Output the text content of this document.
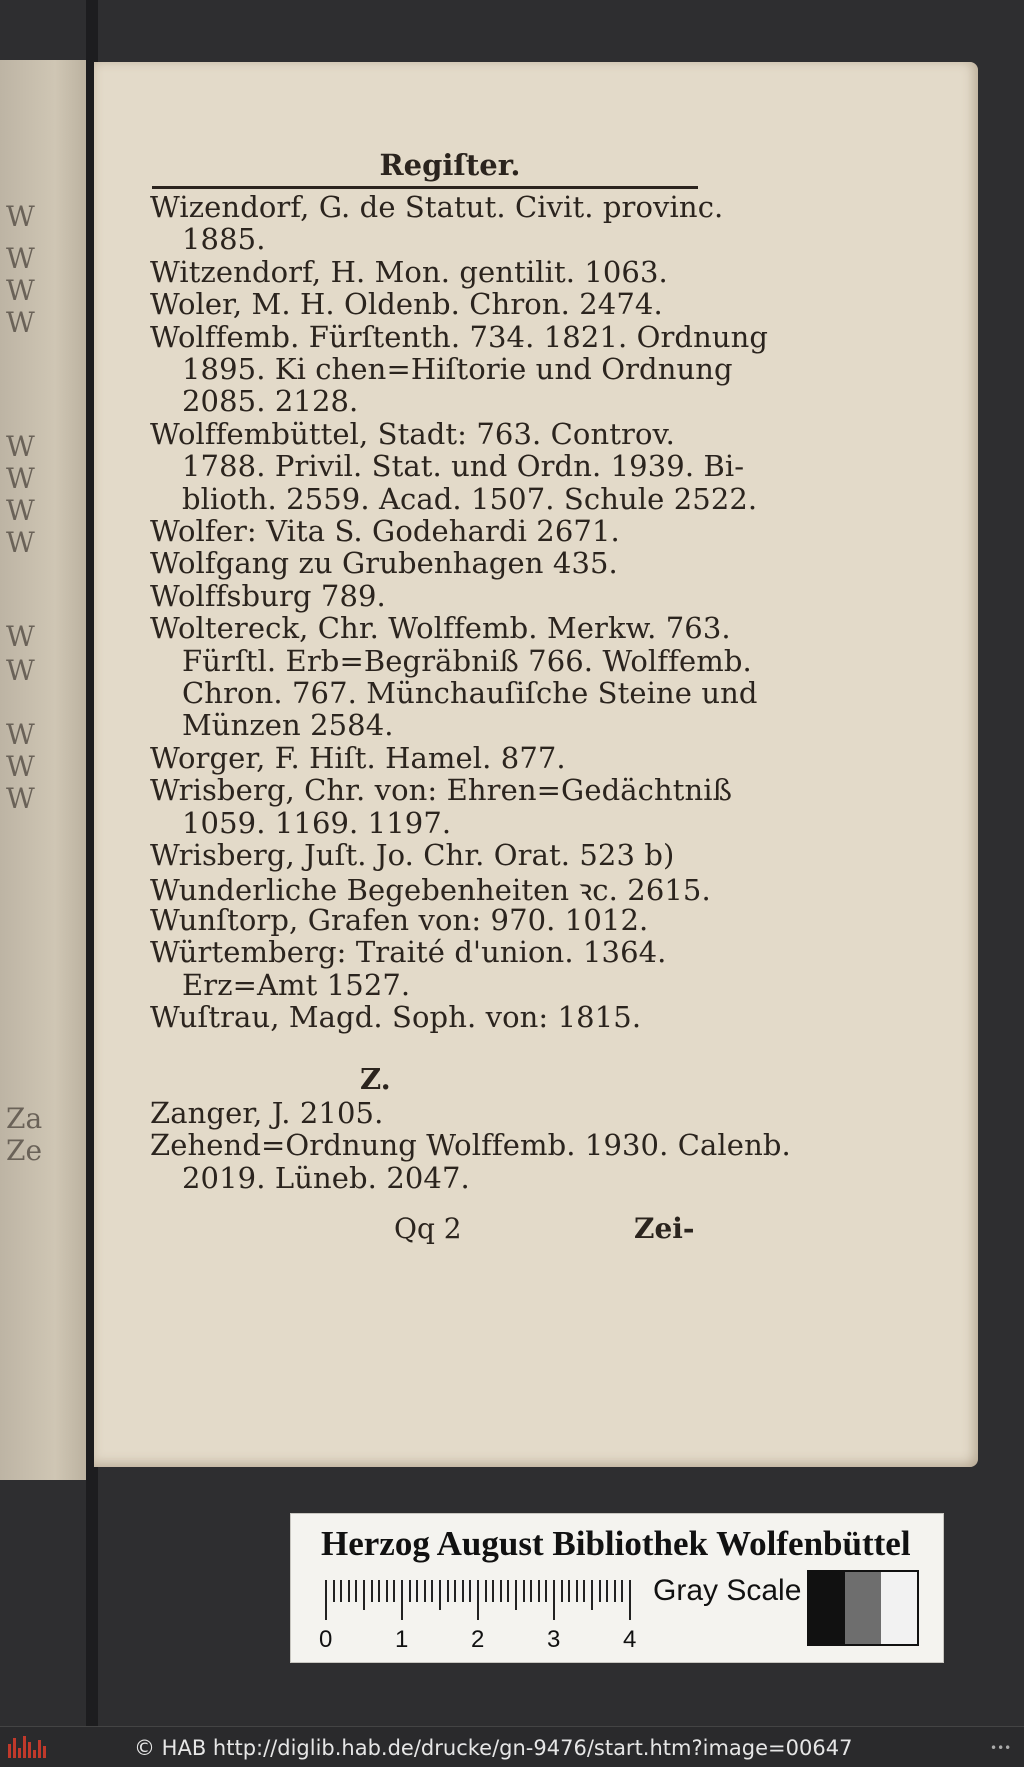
W
W
W
W
W
W
W
W
W
W
W
W
W
Za
Ze
Regiſter.
Wizendorf, G. de Statut. Civit. provinc.
1885.
Witzendorf, H. Mon. gentilit. 1063.
Woler, M. H. Oldenb. Chron. 2474.
Wolffemb. Fürſtenth. 734. 1821. Ordnung
1895. Ki chen=Hiſtorie und Ordnung
2085. 2128.
Wolffembüttel, Stadt: 763. Controv.
1788. Privil. Stat. und Ordn. 1939. Bi-
blioth. 2559. Acad. 1507. Schule 2522.
Wolfer: Vita S. Godehardi 2671.
Wolfgang zu Grubenhagen 435.
Wolffsburg 789.
Woltereck, Chr. Wolffemb. Merkw. 763.
Fürſtl. Erb=Begräbniß 766. Wolffemb.
Chron. 767. Münchauſiſche Steine und
Münzen 2584.
Worger, F. Hiſt. Hamel. 877.
Wrisberg, Chr. von: Ehren=Gedächtniß
1059. 1169. 1197.
Wrisberg, Juſt. Jo. Chr. Orat. 523 b)
Wunderliche Begebenheiten ꝛc. 2615.
Wunſtorp, Grafen von: 970. 1012.
Würtemberg: Traité d'union. 1364.
Erz=Amt 1527.
Wuſtrau, Magd. Soph. von: 1815.
Z.
Zanger, J. 2105.
Zehend=Ordnung Wolffemb. 1930. Calenb.
2019. Lüneb. 2047.
Qq 2	Zei-
Herzog August Bibliothek Wolfenbüttel
0	1	2	3	4
Gray Scale
© HAB http://diglib.hab.de/drucke/gn-9476/start.htm?image=00647	•••
